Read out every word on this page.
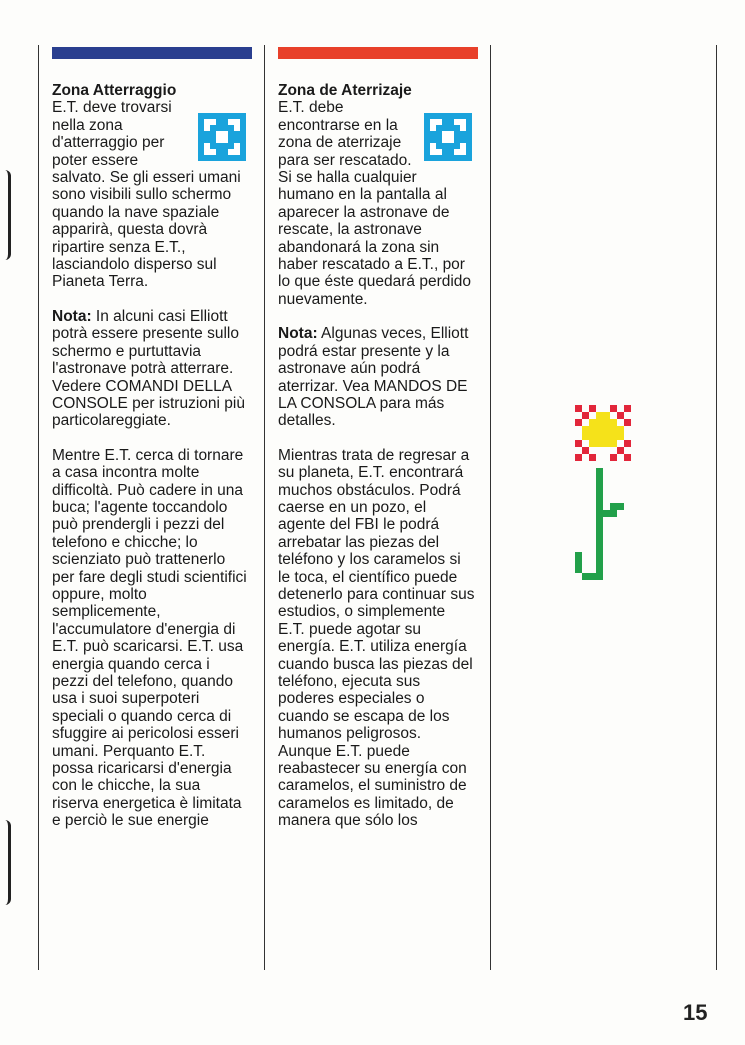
Zona Atterraggio

E.T. deve trovarsi nella zona d'atterraggio per poter essere salvato. Se gli esseri umani sono visibili sullo schermo quando la nave spaziale apparirà, questa dovrà ripartire senza E.T., lasciandolo disperso sul Pianeta Terra.

Nota: In alcuni casi Elliott potrà essere presente sullo schermo e purtuttavia l'astronave potrà atterrare. Vedere COMANDI DELLA CONSOLE per istruzioni più particolareggiate.

Mentre E.T. cerca di tornare a casa incontra molte difficoltà. Può cadere in una buca; l'agente toccandolo può prendergli i pezzi del telefono e chicche; lo scienziato può trattenerlo per fare degli studi scientifici oppure, molto semplicemente, l'accumulatore d'energia di E.T. può scaricarsi. E.T. usa energia quando cerca i pezzi del telefono, quando usa i suoi superpoteri speciali o quando cerca di sfuggire ai pericolosi esseri umani. Perquanto E.T. possa ricaricarsi d'energia con le chicche, la sua riserva energetica è limitata e perciò le sue energie

Zona de Aterrizaje

E.T. debe encontrarse en la zona de aterrizaje para ser rescatado. Si se halla cualquier humano en la pantalla al aparecer la astronave de rescate, la astronave abandonará la zona sin haber rescatado a E.T., por lo que éste quedará perdido nuevamente.

Nota: Algunas veces, Elliott podrá estar presente y la astronave aún podrá aterrizar. Vea MANDOS DE LA CONSOLA para más detalles.

Mientras trata de regresar a su planeta, E.T. encontrará muchos obstáculos. Podrá caerse en un pozo, el agente del FBI le podrá arrebatar las piezas del teléfono y los caramelos si le toca, el científico puede detenerlo para continuar sus estudios, o simplemente E.T. puede agotar su energía. E.T. utiliza energía cuando busca las piezas del teléfono, ejecuta sus poderes especiales o cuando se escapa de los humanos peligrosos. Aunque E.T. puede reabastecer su energía con caramelos, el suministro de caramelos es limitado, de manera que sólo los

15
